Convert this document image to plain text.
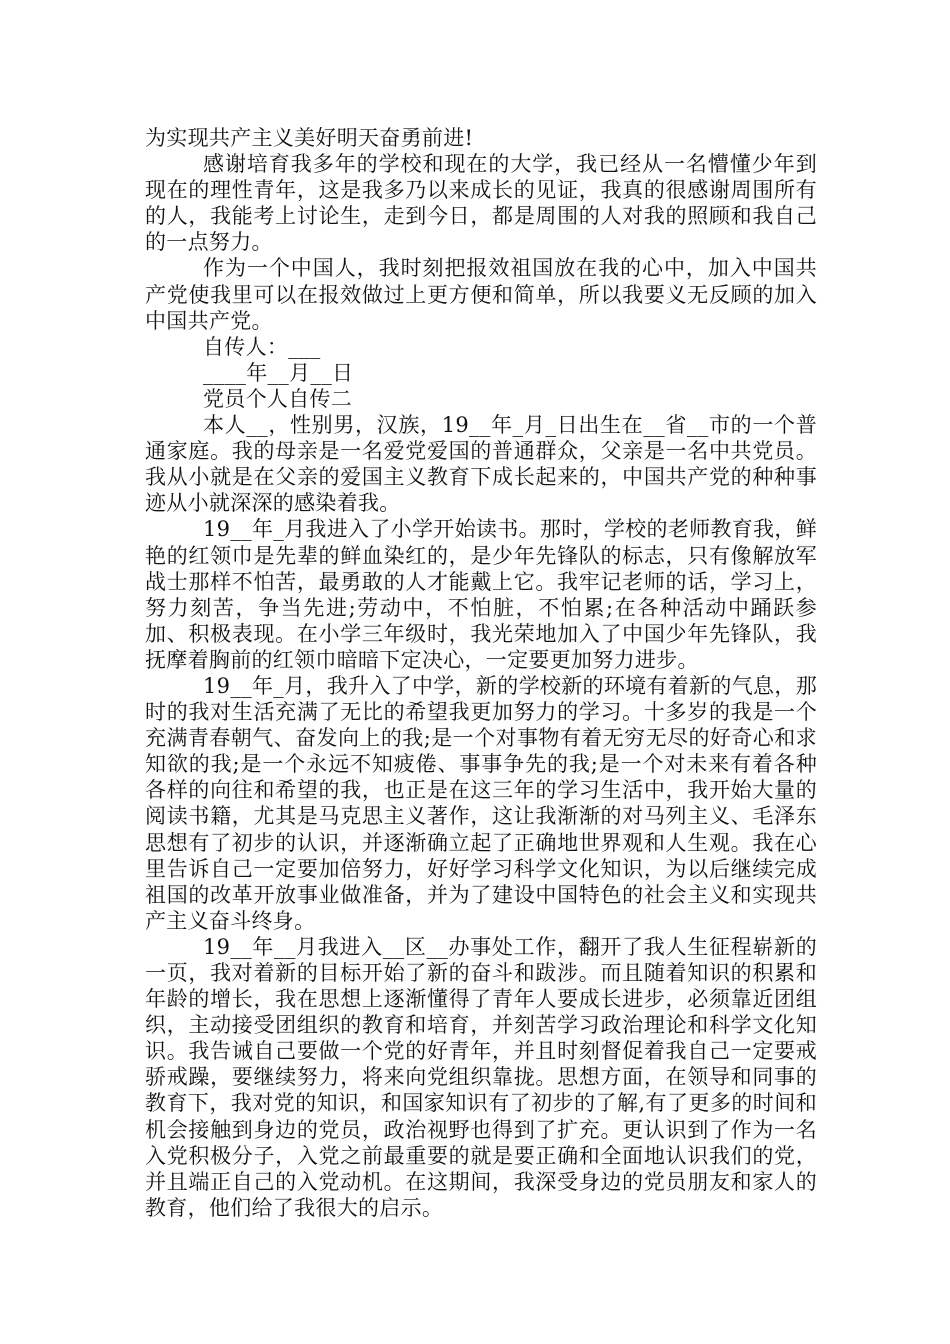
为实现共产主义美好明天奋勇前进!

感谢培育我多年的学校和现在的大学，我已经从一名懵懂少年到现在的理性青年，这是我多乃以来成长的见证，我真的很感谢周围所有的人，我能考上讨论生，走到今日，都是周围的人对我的照顾和我自己的一点努力。

作为一个中国人，我时刻把报效祖国放在我的心中，加入中国共产党使我里可以在报效做过上更方便和简单，所以我要义无反顾的加入中国共产党。

自传人：___

____年__月__日

党员个人自传二

本人__，性别男，汉族，19__年_月_日出生在__省__市的一个普通家庭。我的母亲是一名爱党爱国的普通群众，父亲是一名中共党员。我从小就是在父亲的爱国主义教育下成长起来的，中国共产党的种种事迹从小就深深的感染着我。

19__年_月我进入了小学开始读书。那时，学校的老师教育我，鲜艳的红领巾是先辈的鲜血染红的，是少年先锋队的标志，只有像解放军战士那样不怕苦，最勇敢的人才能戴上它。我牢记老师的话，学习上，努力刻苦，争当先进;劳动中，不怕脏，不怕累;在各种活动中踊跃参加、积极表现。在小学三年级时，我光荣地加入了中国少年先锋队，我抚摩着胸前的红领巾暗暗下定决心，一定要更加努力进步。

19__年_月，我升入了中学，新的学校新的环境有着新的气息，那时的我对生活充满了无比的希望我更加努力的学习。十多岁的我是一个充满青春朝气、奋发向上的我;是一个对事物有着无穷无尽的好奇心和求知欲的我;是一个永远不知疲倦、事事争先的我;是一个对未来有着各种各样的向往和希望的我，也正是在这三年的学习生活中，我开始大量的阅读书籍，尤其是马克思主义著作，这让我渐渐的对马列主义、毛泽东思想有了初步的认识，并逐渐确立起了正确地世界观和人生观。我在心里告诉自己一定要加倍努力，好好学习科学文化知识，为以后继续完成祖国的改革开放事业做准备，并为了建设中国特色的社会主义和实现共产主义奋斗终身。

19__年__月我进入__区__办事处工作，翻开了我人生征程崭新的一页，我对着新的目标开始了新的奋斗和跋涉。而且随着知识的积累和年龄的增长，我在思想上逐渐懂得了青年人要成长进步，必须靠近团组织，主动接受团组织的教育和培育，并刻苦学习政治理论和科学文化知识。我告诫自己要做一个党的好青年，并且时刻督促着我自己一定要戒骄戒躁，要继续努力，将来向党组织靠拢。思想方面，在领导和同事的教育下，我对党的知识，和国家知识有了初步的了解,有了更多的时间和机会接触到身边的党员，政治视野也得到了扩充。更认识到了作为一名入党积极分子，入党之前最重要的就是要正确和全面地认识我们的党，并且端正自己的入党动机。在这期间，我深受身边的党员朋友和家人的教育，他们给了我很大的启示。
